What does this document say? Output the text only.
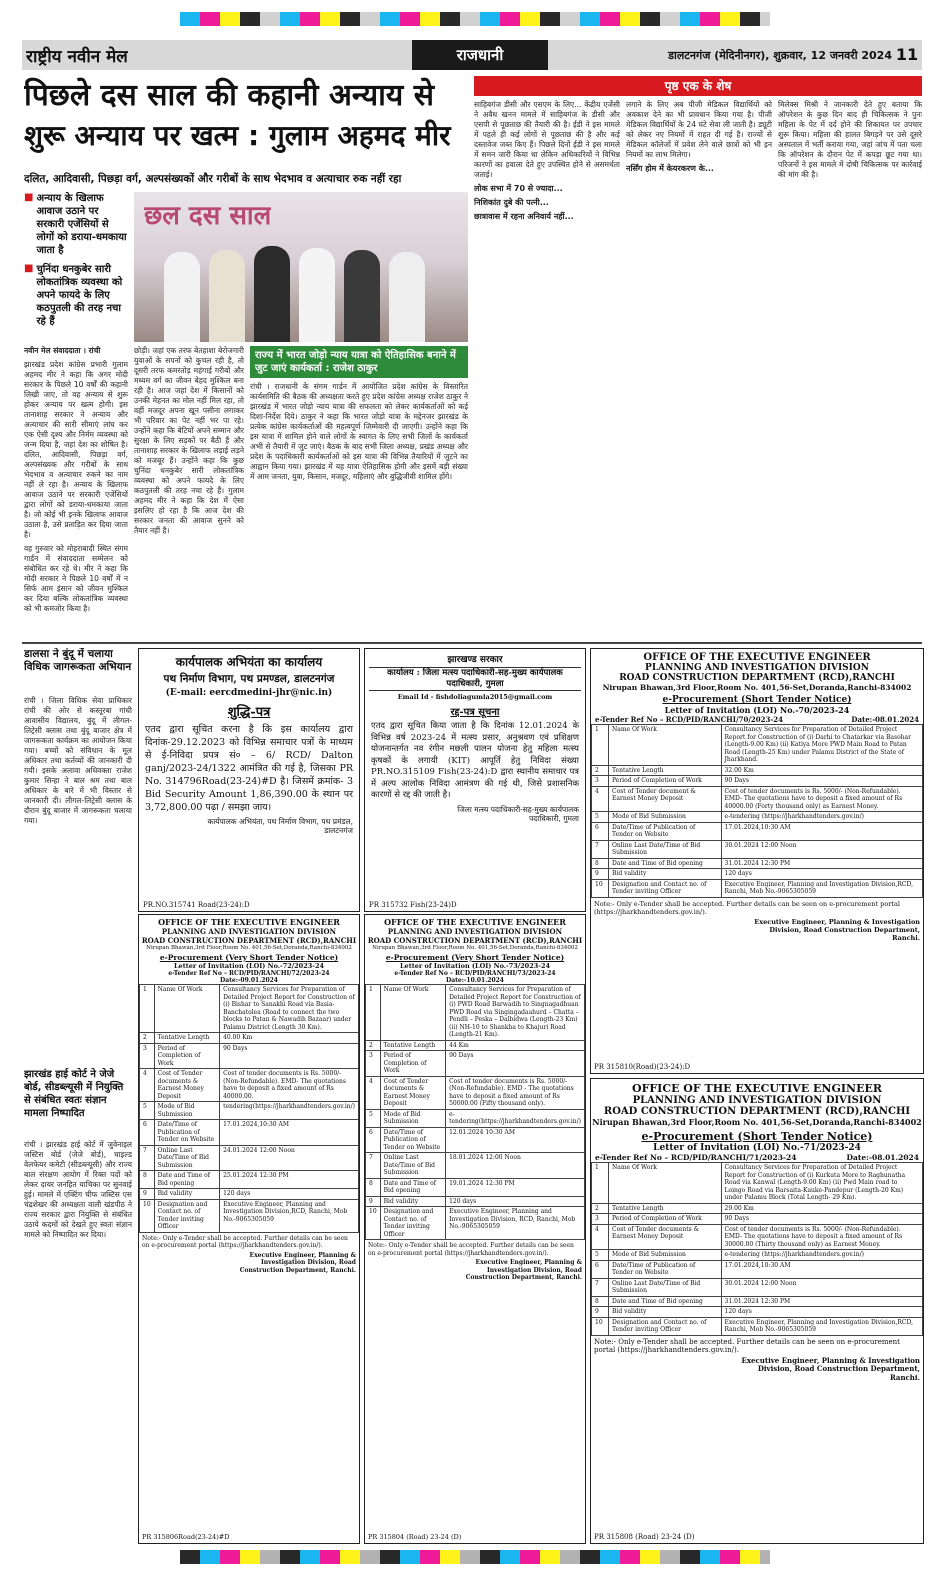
राष्ट्रीय नवीन मेल	राजधानी	डालटनगंज (मेदिनीनगर), शुक्रवार, 12 जनवरी 2024 11
पिछले दस साल की कहानी अन्याय से
शुरू अन्याय पर खत्म : गुलाम अहमद मीर
दलित, आदिवासी, पिछड़ा वर्ग, अल्पसंख्यकों और गरीबों के साथ भेदभाव व अत्याचार रुक नहीं रहा
■ अन्याय के खिलाफ आवाज उठाने पर सरकारी एजेंसियों से लोगों को डराया-धमकाया जाता है
■ चुनिंदा धनकुबेर सारी लोकतांत्रिक व्यवस्था को अपने फायदे के लिए कठपुतली की तरह नचा रहे हैं
छल दस साल

नवीन मेल संवाददाता । रांची

झारखंड प्रदेश कांग्रेस प्रभारी गुलाम अहमद मीर ने कहा कि अगर मोदी सरकार के पिछले 10 वर्षों की कहानी लिखी जाए, तो वह अन्याय से शुरू होकर अन्याय पर खत्म होगी। इस तानाशाह सरकार ने अन्याय और अत्याचार की सारी सीमाएं लांघ कर एक ऐसी दृश्य और निर्मम व्यवस्था को जन्म दिया है, जहां देश का शोषित है। दलित, आदिवासी, पिछड़ा वर्ग, अल्पसंख्यक और गरीबों के साथ भेदभाव व अत्याचार रुकने का नाम नहीं ले रहा है। अन्याय के खिलाफ आवाज उठाने पर सरकारी एजेंसियों द्वारा लोगों को डराया-धमकाया जाता है। जो कोई भी इनके खिलाफ आवाज उठाता है, उसे प्रताड़ित कर दिया जाता है।

वह गुरुवार को मोहराबादी स्थित संगम गार्डन में संवाददाता सम्मेलन को संबोधित कर रहे थे। मीर ने कहा कि मोदी सरकार ने पिछले 10 वर्षों में न सिर्फ आम इंसान को जीवन मुश्किल कर दिया बल्कि लोकतांत्रिक व्यवस्था को भी कमजोर किया है।

छोड़ी। जहां एक तरफ बेतहाशा बेरोजगारी युवाओं के सपनों को कुचल रही है, तो दूसरी तरफ कमरतोड़ महंगाई गरीबों और मध्यम वर्ग का जीवन बेहद मुश्किल बना रही है। आज जहां देश में किसानों को उनकी मेहनत का मोल नहीं मिल रहा, तो वहीं मजदूर अपना खून पसीना लगाकर भी परिवार का पेट नहीं भर पा रहे। उन्होंने कहा कि बेटियों अपने सम्मान और सुरक्षा के लिए सड़कों पर बैठी हैं और तानाशाह सरकार के खिलाफ लड़ाई लड़ने को मजबूर हैं। उन्होंने कहा कि कुछ चुनिंदा धनकुबेर सारी लोकतांत्रिक व्यवस्था को अपने फायदे के लिए कठपुतली की तरह नचा रहे हैं। गुलाम अहमद मीर ने कहा कि देश में ऐसा इसलिए हो रहा है कि आज देश की सरकार जनता की आवाज सुनने को तैयार नहीं है।

राज्य में भारत जोड़ो न्याय यात्रा को ऐतिहासिक बनाने में जुट जाएं कार्यकर्ता : राजेश ठाकुर

रांची । राजधानी के संगम गार्डन में आयोजित प्रदेश कांग्रेस के विस्तारित कार्यसमिति की बैठक की अध्यक्षता करते हुए प्रदेश कांग्रेस अध्यक्ष राजेश ठाकुर ने झारखंड में भारत जोड़ो न्याय यात्रा की सफलता को लेकर कार्यकर्ताओं को कई दिशा-निर्देश दिये। ठाकुर ने कहा कि भारत जोड़ो यात्रा के मद्देनजर झारखंड के प्रत्येक कांग्रेस कार्यकर्ताओं की महत्वपूर्ण जिम्मेवारी दी जाएगी। उन्होंने कहा कि इस यात्रा में शामिल होने वाले लोगों के स्वागत के लिए सभी जिलों के कार्यकर्ता अभी से तैयारी में जुट जाएं। बैठक के बाद सभी जिला अध्यक्ष, प्रखंड अध्यक्ष और प्रदेश के पदाधिकारी कार्यकर्ताओं को इस यात्रा की विभिन्न तैयारियों में जुटने का आह्वान किया गया। झारखंड में यह यात्रा ऐतिहासिक होगी और इसमें बड़ी संख्या में आम जनता, युवा, किसान, मजदूर, महिलाएं और बुद्धिजीवी शामिल होंगे।

पृष्ठ एक के शेष

साहिबगंज डीसी और एसएम के लिए... केंद्रीय एजेंसी ने अवैध खनन मामले में साहिबगंज के डीसी और एसपी से पूछताछ की तैयारी की है। ईडी ने इस मामले में पहले ही कई लोगों से पूछताछ की है और कई दस्तावेज जब्त किए हैं। पिछले दिनों ईडी ने इस मामले में समन जारी किया था लेकिन अधिकारियों ने विभिन्न कारणों का हवाला देते हुए उपस्थित होने से असमर्थता जताई।

लोक सभा में 70 से ज्यादा...

निशिकांत दुबे की पत्नी...

छात्रावास में रहना अनिवार्य नहीं...

लगाने के लिए अब पीजी मेडिकल विद्यार्थियों को अवकाश देने का भी प्रावधान किया गया है। पीजी मेडिकल विद्यार्थियों के 24 घंटे सेवा ली जाती है। ड्यूटी को लेकर नए नियमों में राहत दी गई है। राज्यों से मेडिकल कॉलेजों में प्रवेश लेने वाले छात्रों को भी इन नियमों का लाभ मिलेगा।

नर्सिंग होम में केयरकरण के...

मिलेक्स मिश्री ने जानकारी देते हुए बताया कि ऑपरेशन के कुछ दिन बाद ही चिकित्सक ने पुनः महिला के पेट में दर्द होने की शिकायत पर उपचार शुरू किया। महिला की हालत बिगड़ने पर उसे दूसरे अस्पताल में भर्ती कराया गया, जहां जांच में पता चला कि ऑपरेशन के दौरान पेट में कपड़ा छूट गया था। परिजनों ने इस मामले में दोषी चिकित्सक पर कार्रवाई की मांग की है।

डालसा ने बुंदू में चलाया विधिक जागरूकता अभियान

रांची । जिला विधिक सेवा प्राधिकार रांची की ओर से कस्तूरबा गांधी आवासीय विद्यालय, बुंदू में लीगल-लिट्रेसी क्लास तथा बुंदू बाजार क्षेत्र में जागरूकता कार्यक्रम का आयोजन किया गया। बच्चों को संविधान के मूल अधिकार तथा कर्तव्यों की जानकारी दी गयी। इसके अलावा अधिवक्ता राजेश कुमार सिन्हा ने बाल श्रम तथा बाल अधिकार के बारे में भी विस्तार से जानकारी दी। लीगल-लिट्रेसी क्लास के दौरान बुंदू बाजार में जागरूकता चलाया गया।

झारखंड हाई कोर्ट ने जेजे बोर्ड, सीडब्ल्यूसी में नियुक्ति से संबंधित स्वतः संज्ञान मामला निष्पादित

रांची । झारखंड हाई कोर्ट में जुवेनाइल जस्टिस बोर्ड (जेजे बोर्ड), चाइल्ड वेलफेयर कमेटी (सीडब्ल्यूसी) और राज्य बाल संरक्षण आयोग में रिक्त पदों को लेकर दायर जनहित याचिका पर सुनवाई हुई। मामले में एक्टिंग चीफ जस्टिस एस चंद्रशेखर की अध्यक्षता वाली खंडपीठ ने राज्य सरकार द्वारा नियुक्ति से संबंधित उठाये कदमों को देखते हुए स्वतः संज्ञान मामले को निष्पादित कर दिया।

कार्यपालक अभियंता का कार्यालय
पथ निर्माण विभाग, पथ प्रमण्डल, डालटनगंज
(E-mail: eercdmedini-jhr@nic.in)
शुद्धि-पत्र
एतद द्वारा सूचित करना है कि इस कार्यालय द्वारा दिनांक-29.12.2023 को विभिन्न समाचार पत्रों के माध्यम से ई-निविदा प्रपत्र सं० – 6/ RCD/ Dalton ganj/2023-24/1322 आमंत्रित की गई है, जिसका PR No. 314796Road(23-24)#D है। जिसमें क्रमांक- 3 Bid Security Amount 1,86,390.00 के स्थान पर 3,72,800.00 पढ़ा / समझा जाय।
कार्यपालक अभियंता, पथ निर्माण विभाग, पथ प्रमंडल, डालटनगंज
PR.NO.315741 Road(23-24):D
झारखण्ड सरकार
कार्यालय : जिला मत्स्य पदाधिकारी-सह-मुख्य कार्यपालक पदाधिकारी, गुमला
Email Id - fishdoliagumla2015@gmail.com
रद्द-पत्र सूचना
एतद द्वारा सूचित किया जाता है कि दिनांक 12.01.2024 के विभिन्न वर्ष 2023-24 में मत्स्य प्रसार, अनुश्रवण एवं प्रशिक्षण योजनान्तर्गत नव रंगीन मछली पालन योजना हेतु महिला मत्स्य कृषकों के लगायी (KIT) आपूर्ति हेतु निविदा संख्या PR.NO.315109 Fish(23-24):D द्वारा स्थानीय समाचार पत्र में अल्प आलोक निविदा आमंत्रण की गई थी, जिसे प्रशासनिक कारणों से रद्द की जाती है।
जिला मत्स्य पदाधिकारी-सह-मुख्य कार्यपालक पदाधिकारी, गुमला
PR 315732 Fish(23-24)D
OFFICE OF THE EXECUTIVE ENGINEER
PLANNING AND INVESTIGATION DIVISION
ROAD CONSTRUCTION DEPARTMENT (RCD),RANCHI
Nirupan Bhawan,3rd Floor,Room No. 401,56-Set,Doranda,Ranchi-834002
e-Procurement (Very Short Tender Notice)
Letter of Invitation (LOI) No.-72/2023-24
e-Tender Ref No – RCD/PID/RANCHI/72/2023-24 Date:-09.01.2024
1	Name Of Work	Consultancy Services for Preparation of Detailed Project Report for Construction of (i) Bishar to Sanakhi Road via Basia-Banchatolea (Road to connect the two blocks to Patan & Nawadih Bazaar) under Palamu District (Length 30 Km).
2	Tentative Length	40.00 Km
3	Period of Completion of Work	90 Days
4	Cost of Tender documents & Earnest Money Deposit	Cost of tender documents is Rs. 5000/- (Non-Refundable). EMD- The quotations have to deposit a fixed amount of Rs 40000.00.
5	Mode of Bid Submission	tendering(https://jharkhandtenders.gov.in/)
6	Date/Time of Publication of Tender on Website	17.01.2024,10:30 AM
7	Online Last Date/Time of Bid Submission	24.01.2024 12:00 Noon
8	Date and Time of Bid opening	25.01.2024 12:30 PM
9	Bid validity	120 days
10	Designation and Contact no. of Tender inviting Officer	Executive Engineer, Planning and Investigation Division,RCD, Ranchi, Mob No.-9065305059
Note:- Only e-Tender shall be accepted. Further details can be seen on e-procurement portal (https://jharkhandtenders.gov.in/).
Executive Engineer, Planning & Investigation Division, Road Construction Department, Ranchi.
PR 315806Road(23-24)#D
OFFICE OF THE EXECUTIVE ENGINEER
PLANNING AND INVESTIGATION DIVISION
ROAD CONSTRUCTION DEPARTMENT (RCD),RANCHI
Nirupan Bhawan,3rd Floor,Room No. 401,56-Set,Doranda,Ranchi-834002
e-Procurement (Very Short Tender Notice)
Letter of Invitation (LOI) No.-73/2023-24
e-Tender Ref No – RCD/PID/RANCHI/73/2023-24 Date:-10.01.2024
1	Name Of Work	Consultancy Services for Preparation of Detailed Project Report for Construction of (i) PWD Road Barwadih to Singnagadhuan PWD Road via Singingadaahurd – Chatta – Pendli – Peska – Dalbidwa (Length-23 Km) (ii) NH-10 to Shankha to Khajuri Road (Length-21 Km).
2	Tentative Length	44 Km
3	Period of Completion of Work	90 Days
4	Cost of Tender documents & Earnest Money Deposit	Cost of tender documents is Rs. 5000/-(Non-Refundable). EMD - The quotations have to deposit a fixed amount of Rs 50000.00 (Fifty thousand only).
5	Mode of Bid Submission	e-tendering(https://jharkhandtenders.gov.in/)
6	Date/Time of Publication of Tender on Website	12.01.2024 10:30 AM
7	Online Last Date/Time of Bid Submission	18.01.2024 12:00 Noon
8	Date and Time of Bid opening	19.01.2024 12:30 PM
9	Bid validity	120 days
10	Designation and Contact no. of Tender inviting Officer	Executive Engineer, Planning and Investigation Division, RCD, Ranchi, Mob No.-9065305059
Note:- Only e-Tender shall be accepted. Further details can be seen on e-procurement portal (https://jharkhandtenders.gov.in/).
Executive Engineer, Planning & Investigation Division, Road Construction Department, Ranchi.
PR 315804 (Road) 23-24 (D)
OFFICE OF THE EXECUTIVE ENGINEER
PLANNING AND INVESTIGATION DIVISION
ROAD CONSTRUCTION DEPARTMENT (RCD),RANCHI
Nirupan Bhawan,3rd Floor,Room No. 401,56-Set,Doranda,Ranchi-834002
e-Procurement (Short Tender Notice)
Letter of Invitation (LOI) No.-70/2023-24
e-Tender Ref No – RCD/PID/RANCHI/70/2023-24	Date:-08.01.2024
1	Name Of Work	Consultancy Services for Preparation of Detailed Project Report for Construction of (i) Darhi to Chatarkar via Basohar (Length-9.00 Km) (ii) Katiya More PWD Main Road to Patan Road (Length-25 Km) under Palamu District of the State of Jharkhand.
2	Tentative Length	32.00 Km
3	Period of Completion of Work	90 Days
4	Cost of Tender document & Earnest Money Deposit	Cost of tender documents is Rs. 5000/- (Non-Refundable). EMD- The quotations have to deposit a fixed amount of Rs 40000.00 (Forty thousand only) as Earnest Money.
5	Mode of Bid Submission	e-tendering (https://jharkhandtenders.gov.in/)
6	Date/Time of Publication of Tender on Website	17.01.2024,10:30 AM
7	Online Last Date/Time of Bid Submission	30.01.2024 12:00 Noon
8	Date and Time of Bid opening	31.01.2024 12:30 PM
9	Bid validity	120 days
10	Designation and Contact no. of Tender inviting Officer	Executive Engineer, Planning and Investigation Division,RCD, Ranchi, Mob No.-9065305059
Note:- Only e-Tender shall be accepted. Further details can be seen on e-procurement portal (https://jharkhandtenders.gov.in/).
Executive Engineer, Planning & Investigation Division, Road Construction Department, Ranchi.
PR 315810(Road)(23-24):D
OFFICE OF THE EXECUTIVE ENGINEER
PLANNING AND INVESTIGATION DIVISION
ROAD CONSTRUCTION DEPARTMENT (RCD),RANCHI
Nirupan Bhawan,3rd Floor,Room No. 401,56-Set,Doranda,Ranchi-834002
e-Procurement (Short Tender Notice)
Letter of Invitation (LOI) No.-71/2023-24
e-Tender Ref No – RCD/PID/RANCHI/71/2023-24	Date:-08.01.2024
1	Name Of Work	Consultancy Services for Preparation of Detailed Project Report for Construction of (i) Kurkuta More to Raghunatha Road via Kanwal (Length-9.00 Km) (ii) Pwd Main road to Loingo Road via Barsaita-Kauke-Pandepur (Length-20 Km) under Palamu Block (Total Length- 29 Km).
2	Tentative Length	29.00 Km
3	Period of Completion of Work	90 Days
4	Cost of Tender documents & Earnest Money Deposit	Cost of tender documents is Rs. 5000/- (Non-Refundable). EMD- The quotations have to deposit a fixed amount of Rs 30000.00 (Thirty thousand only) as Earnest Money.
5	Mode of Bid Submission	e-tendering (https://jharkhandtenders.gov.in/)
6	Date/Time of Publication of Tender on Website	17.01.2024,10:30 AM
7	Online Last Date/Time of Bid Submission	30.01.2024 12:00 Noon
8	Date and Time of Bid opening	31.01.2024 12:30 PM
9	Bid validity	120 days
10	Designation and Contact no. of Tender inviting Officer	Executive Engineer, Planning and Investigation Division,RCD, Ranchi, Mob No.-9065305059
Note:- Only e-Tender shall be accepted. Further details can be seen on e-procurement portal (https://jharkhandtenders.gov.in/).
Executive Engineer, Planning & Investigation Division, Road Construction Department, Ranchi.
PR 315808 (Road) 23-24 (D)
